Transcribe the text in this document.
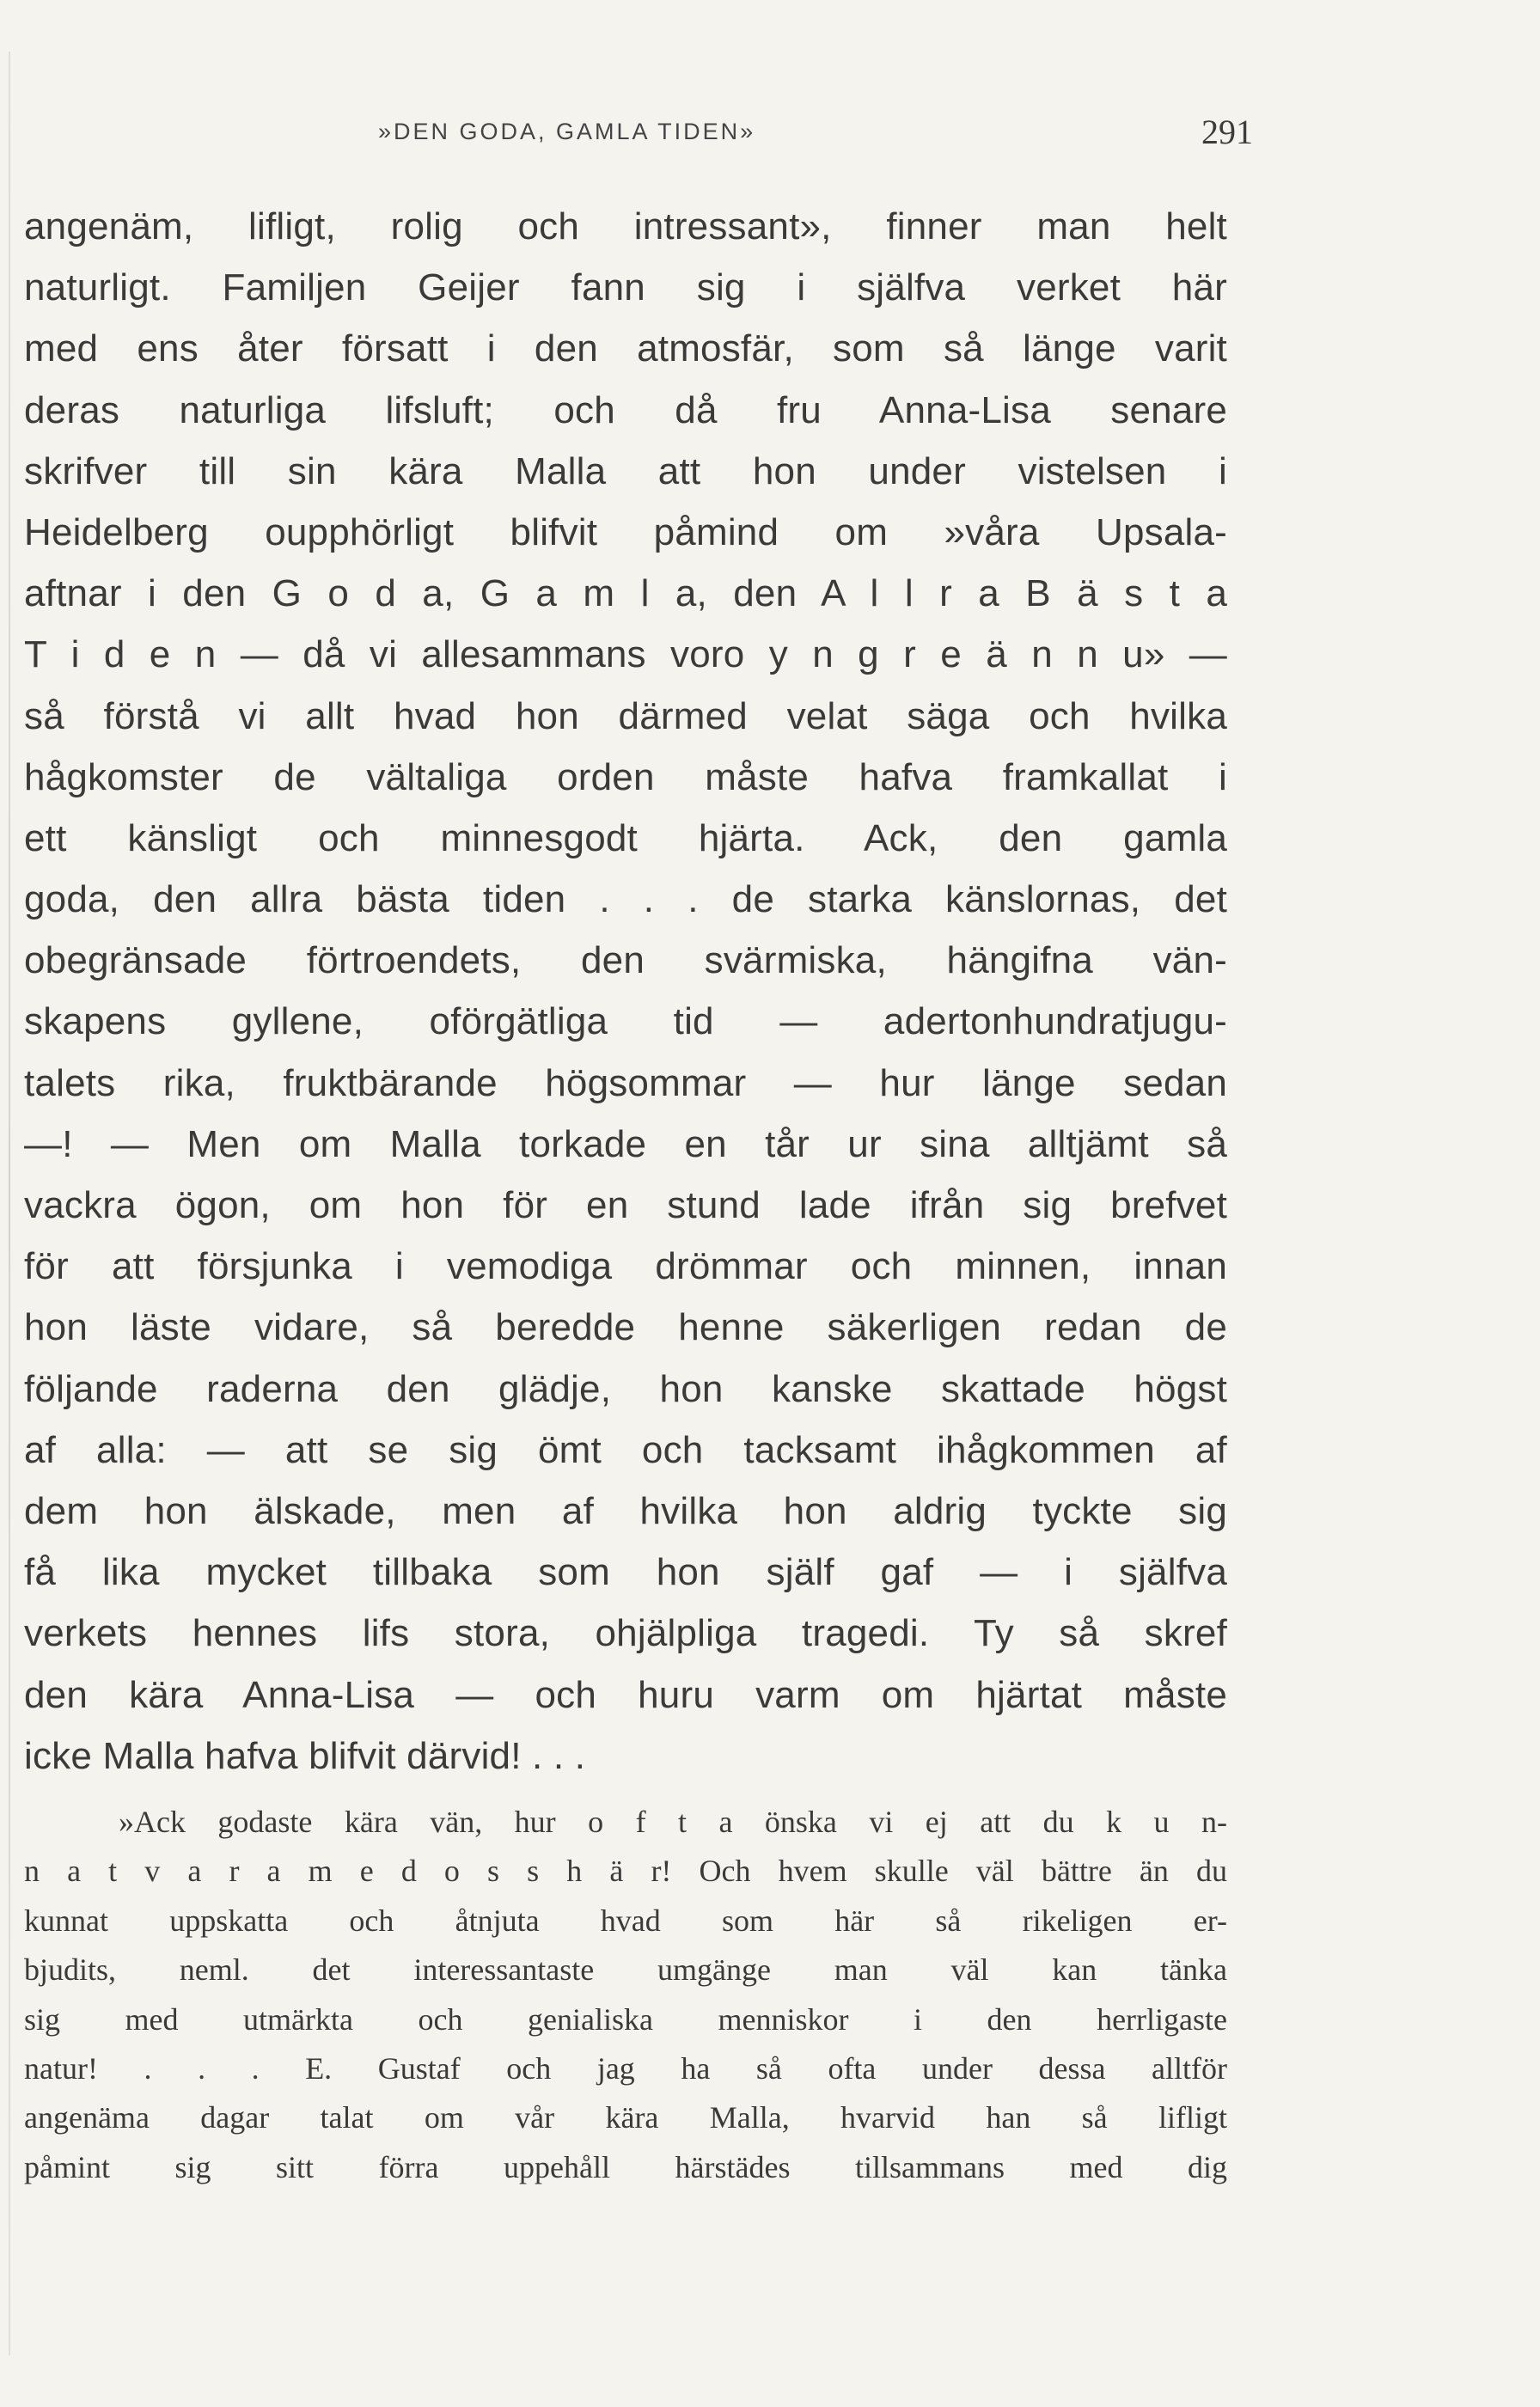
»DEN GODA, GAMLA TIDEN»	291
angenäm, lifligt, rolig och intressant», finner man helt
naturligt. Familjen Geijer fann sig i själfva verket här
med ens åter försatt i den atmosfär, som så länge varit
deras naturliga lifsluft; och då fru Anna-Lisa senare
skrifver till sin kära Malla att hon under vistelsen i
Heidelberg oupphörligt blifvit påmind om »våra Upsala-
aftnar i den G o d a, G a m l a, den A l l r a B ä s t a
T i d e n — då vi allesammans voro y n g r e ä n n u» —
så förstå vi allt hvad hon därmed velat säga och hvilka
hågkomster de vältaliga orden måste hafva framkallat i
ett känsligt och minnesgodt hjärta. Ack, den gamla
goda, den allra bästa tiden . . . de starka känslornas, det
obegränsade förtroendets, den svärmiska, hängifna vän-
skapens gyllene, oförgätliga tid — adertonhundratjugu-
talets rika, fruktbärande högsommar — hur länge sedan
—! — Men om Malla torkade en tår ur sina alltjämt så
vackra ögon, om hon för en stund lade ifrån sig brefvet
för att försjunka i vemodiga drömmar och minnen, innan
hon läste vidare, så beredde henne säkerligen redan de
följande raderna den glädje, hon kanske skattade högst
af alla: — att se sig ömt och tacksamt ihågkommen af
dem hon älskade, men af hvilka hon aldrig tyckte sig
få lika mycket tillbaka som hon själf gaf — i själfva
verkets hennes lifs stora, ohjälpliga tragedi. Ty så skref
den kära Anna-Lisa — och huru varm om hjärtat måste
icke Malla hafva blifvit därvid! . . .
»Ack godaste kära vän, hur o f t a önska vi ej att du k u n-
n a t v a r a m e d o s s h ä r! Och hvem skulle väl bättre än du
kunnat uppskatta och åtnjuta hvad som här så rikeligen er-
bjudits, neml. det interessantaste umgänge man väl kan tänka
sig med utmärkta och genialiska menniskor i den herrligaste
natur! . . . E. Gustaf och jag ha så ofta under dessa alltför
angenäma dagar talat om vår kära Malla, hvarvid han så lifligt
påmint sig sitt förra uppehåll härstädes tillsammans med dig
